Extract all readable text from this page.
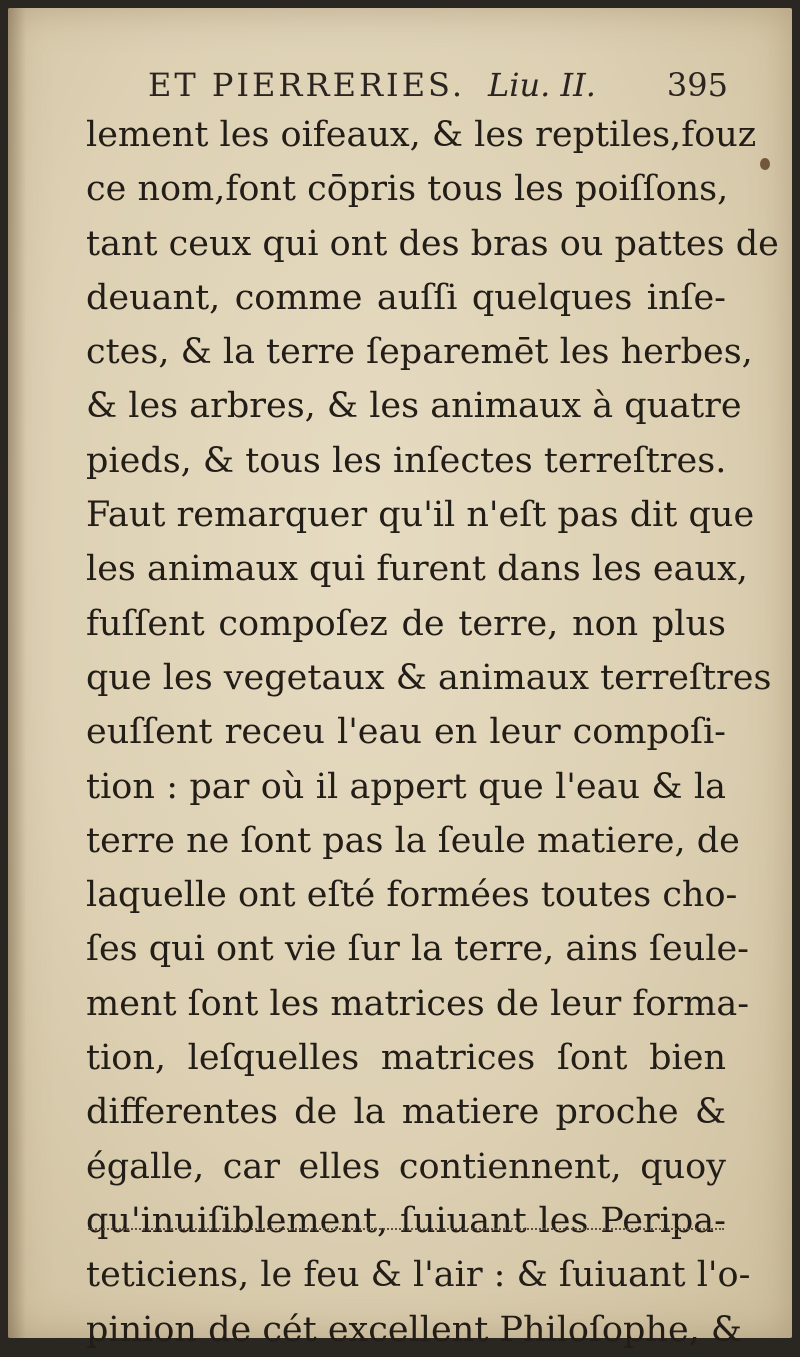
ET PIERRERIES. Liu. II. 395
lement les oifeaux, & les reptiles,fouz
ce nom,font cōpris tous les poiſſons,
tant ceux qui ont des bras ou pattes de
deuant, comme auſſi quelques inſe-
ctes, & la terre ſeparemēt les herbes,
& les arbres, & les animaux à quatre
pieds, & tous les inſectes terreſtres.
Faut remarquer qu'il n'eſt pas dit que
les animaux qui furent dans les eaux,
fuſſent compoſez de terre, non plus
que les vegetaux & animaux terreſtres
euſſent receu l'eau en leur compoſi-
tion : par où il appert que l'eau & la
terre ne ſont pas la ſeule matiere, de
laquelle ont eſté formées toutes cho-
ſes qui ont vie ſur la terre, ains ſeule-
ment ſont les matrices de leur forma-
tion, leſquelles matrices ſont bien
differentes de la matiere proche &
égalle, car elles contiennent, quoy
qu'inuiſiblement, ſuiuant les Peripa-
teticiens, le feu & l'air : & ſuiuant l'o-
pinion de cét excellent Philoſophe, &
